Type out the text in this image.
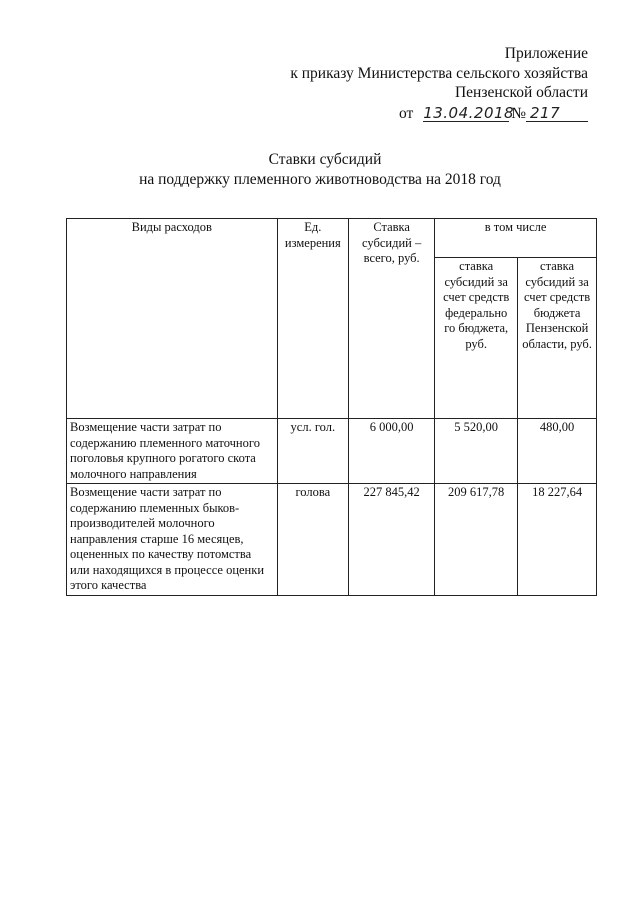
Приложение
к приказу Министерства сельского хозяйства
Пензенской области
от 13.04.2018№ 217
Ставки субсидий
на поддержку племенного животноводства на 2018 год
Виды расходов	Ед. измерения	Ставка субсидий – всего, руб.	в том числе	
			ставка субсидий за счет средств федерально го бюджета, руб.	ставка субсидий за счет средств бюджета Пензенской области, руб.
Возмещение части затрат по содержанию племенного маточного поголовья крупного рогатого скота молочного направления	усл. гол.	6 000,00	5 520,00	480,00
Возмещение части затрат по содержанию племенных быков-производителей молочного направления старше 16 месяцев, оцененных по качеству потомства или находящихся в процессе оценки этого качества	голова	227 845,42	209 617,78	18 227,64
